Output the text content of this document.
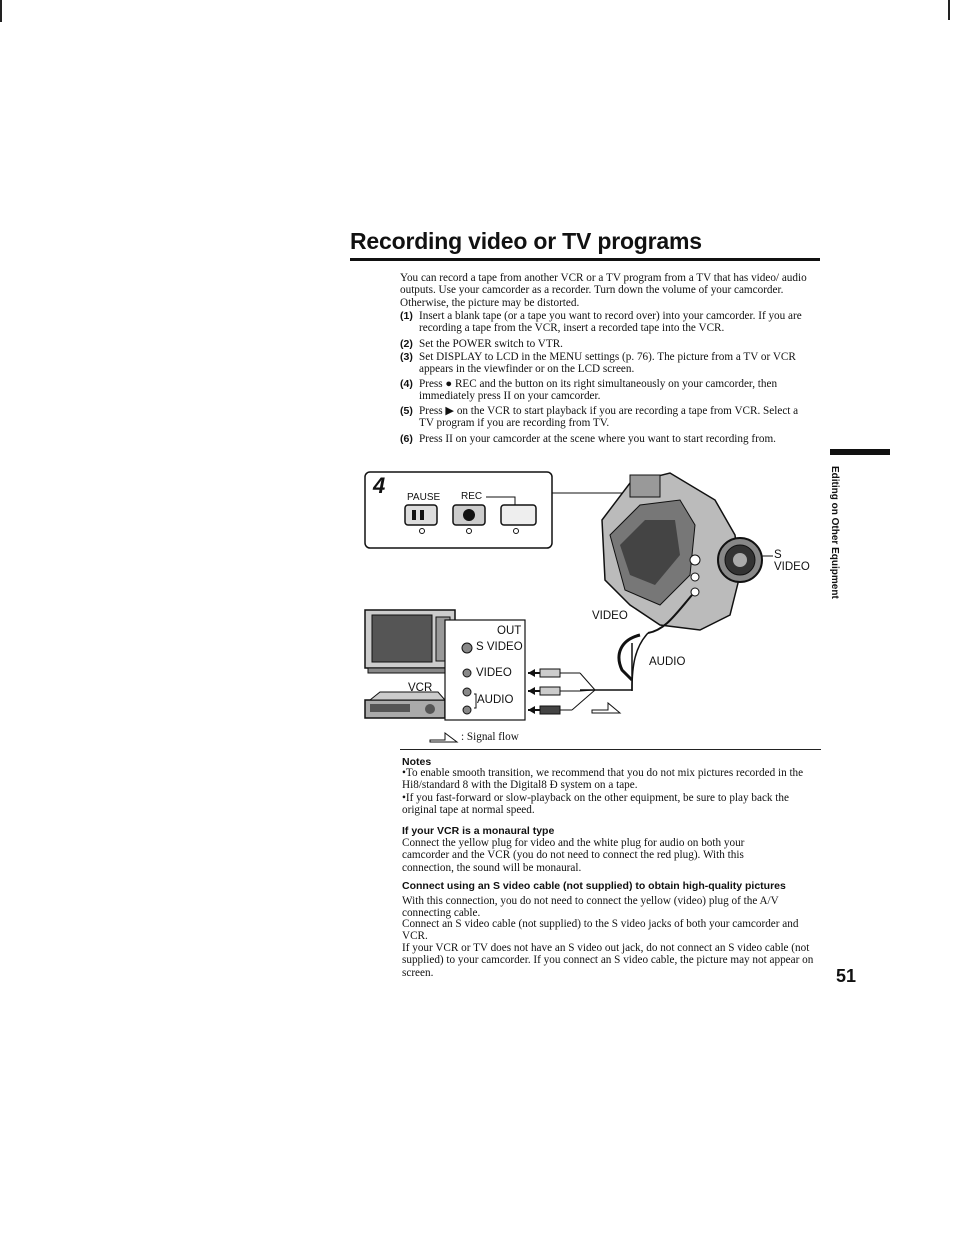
Recording video or TV programs
You can record a tape from another VCR or a TV program from a TV that has video/ audio outputs. Use your camcorder as a recorder. Turn down the volume of your camcorder. Otherwise, the picture may be distorted.
(1) Insert a blank tape (or a tape you want to record over) into your camcorder. If you are recording a tape from the VCR, insert a recorded tape into the VCR.
(2) Set the POWER switch to VTR.
(3) Set DISPLAY to LCD in the MENU settings (p. 76). The picture from a TV or VCR appears in the viewfinder or on the LCD screen.
(4) Press ● REC and the button on its right simultaneously on your camcorder, then immediately press II on your camcorder.
(5) Press ▶ on the VCR to start playback if you are recording a tape from VCR. Select a TV program if you are recording from TV.
(6) Press II on your camcorder at the scene where you want to start recording from.
Editing on Other Equipment
4 PAUSE REC
S VIDEO
VIDEO
AUDIO
OUT
S VIDEO
VIDEO
AUDIO
VCR
: Signal flow
Notes
•To enable smooth transition, we recommend that you do not mix pictures recorded in the Hi8/standard 8 with the Digital8 Ð system on a tape.
•If you fast-forward or slow-playback on the other equipment, be sure to play back the original tape at normal speed.
If your VCR is a monaural type
Connect the yellow plug for video and the white plug for audio on both your camcorder and the VCR (you do not need to connect the red plug). With this connection, the sound will be monaural.
Connect using an S video cable (not supplied) to obtain high-quality pictures
With this connection, you do not need to connect the yellow (video) plug of the A/V connecting cable.
Connect an S video cable (not supplied) to the S video jacks of both your camcorder and VCR.
If your VCR or TV does not have an S video out jack, do not connect an S video cable (not supplied) to your camcorder. If you connect an S video cable, the picture may not appear on screen.	51
